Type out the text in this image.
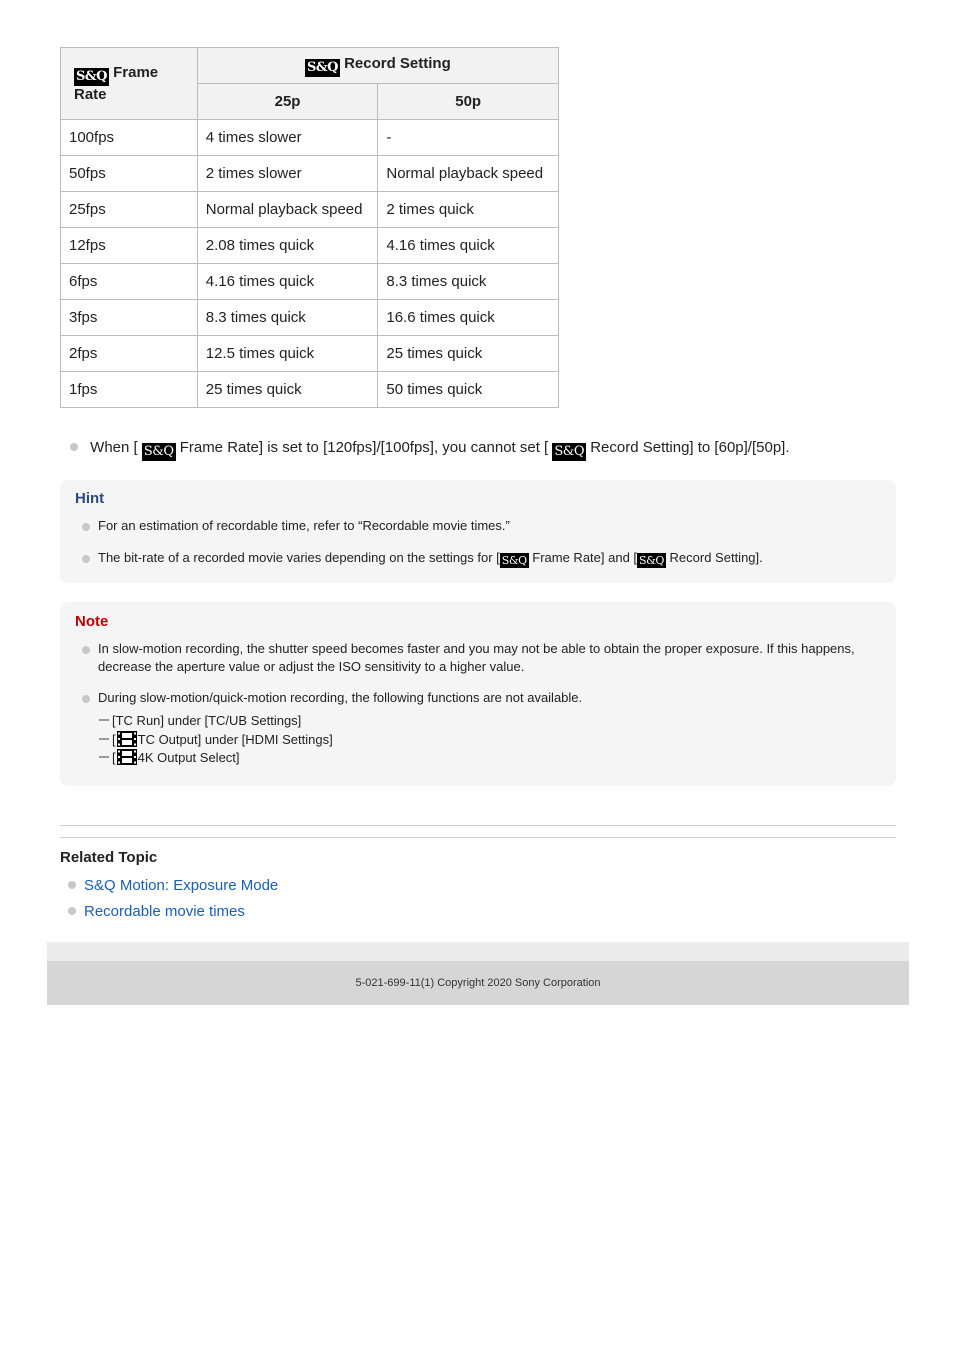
S&Q Frame Rate	S&Q Record Setting	
	25p	50p
100fps	4 times slower	-
50fps	2 times slower	Normal playback speed
25fps	Normal playback speed	2 times quick
12fps	2.08 times quick	4.16 times quick
6fps	4.16 times quick	8.3 times quick
3fps	8.3 times quick	16.6 times quick
2fps	12.5 times quick	25 times quick
1fps	25 times quick	50 times quick
When [ S&Q Frame Rate] is set to [120fps]/[100fps], you cannot set [ S&Q Record Setting] to [60p]/[50p].
Hint
For an estimation of recordable time, refer to “Recordable movie times.”
The bit-rate of a recorded movie varies depending on the settings for [ S&Q Frame Rate] and [ S&Q Record Setting].
Note
In slow-motion recording, the shutter speed becomes faster and you may not be able to obtain the proper exposure. If this happens, decrease the aperture value or adjust the ISO sensitivity to a higher value.
During slow-motion/quick-motion recording, the following functions are not available.
[TC Run] under [TC/UB Settings]
[ TC Output] under [HDMI Settings]
[ 4K Output Select]
Related Topic
S&Q Motion: Exposure Mode
Recordable movie times
5-021-699-11(1) Copyright 2020 Sony Corporation
